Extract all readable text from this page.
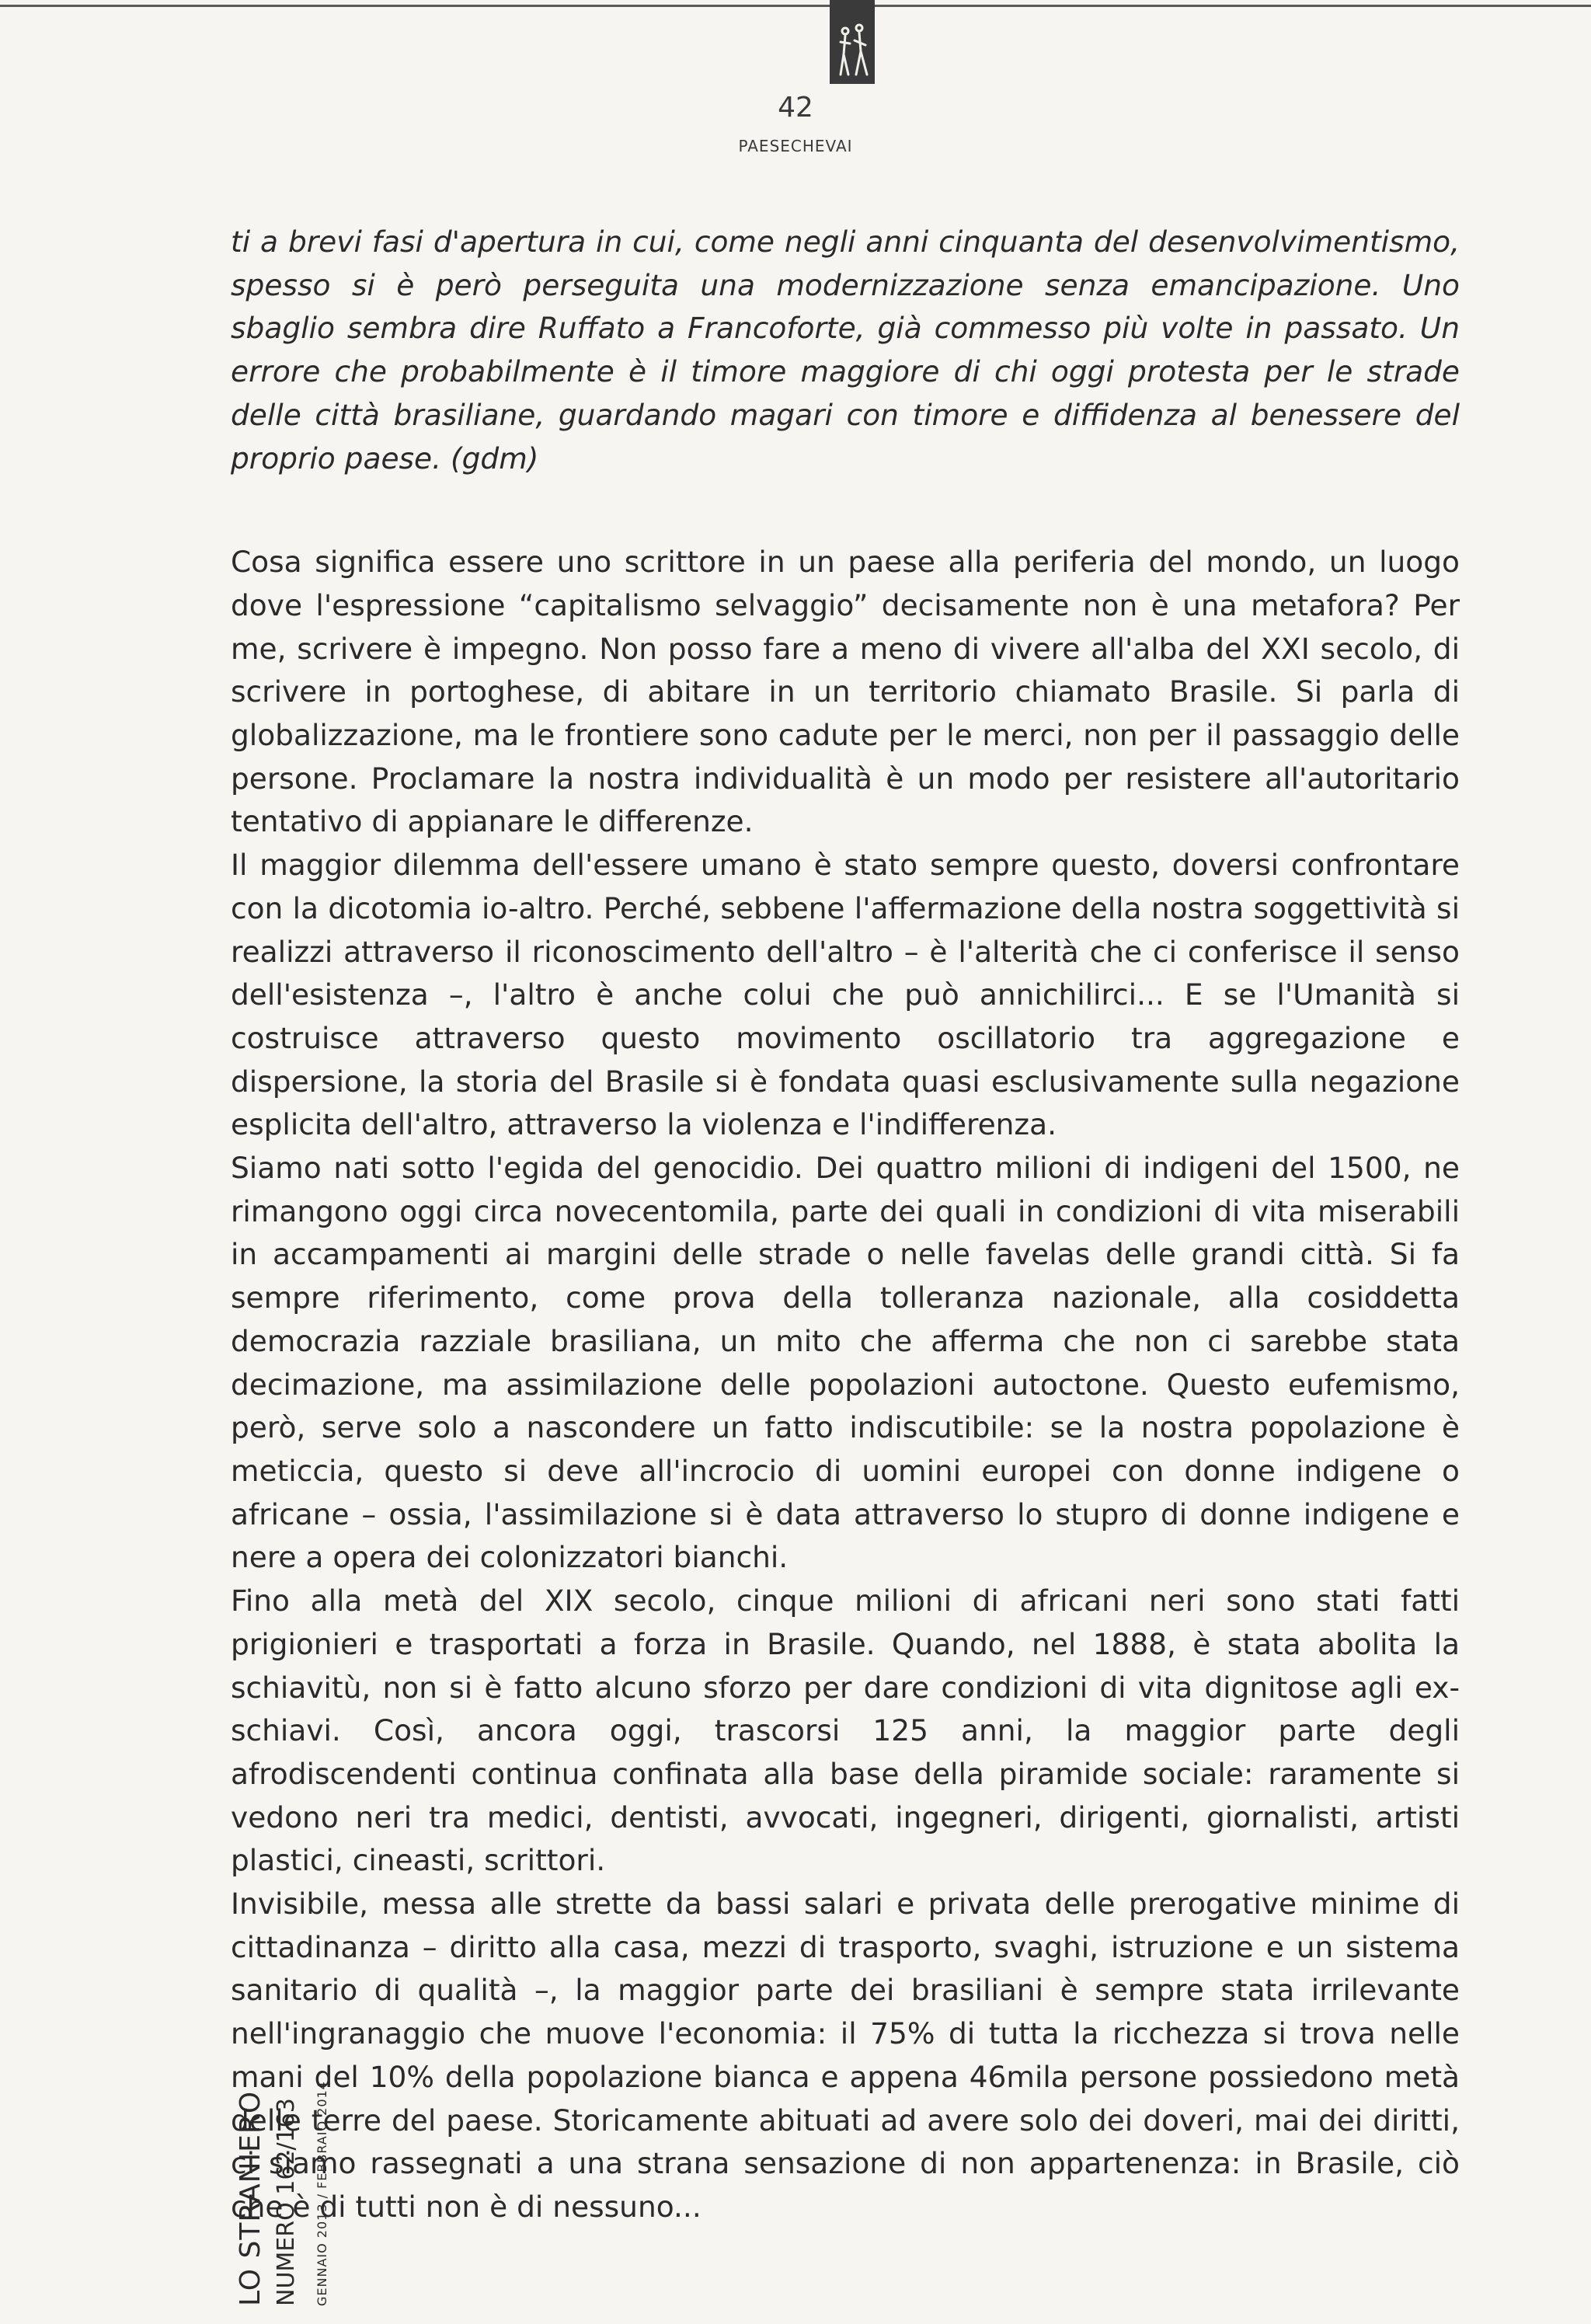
42
PAESECHEVAI

ti a brevi fasi d'apertura in cui, come negli anni cinquanta del desenvolvimentismo, spesso si è però perseguita una modernizzazione senza emancipazione. Uno sbaglio sembra dire Ruffato a Francoforte, già commesso più volte in passato. Un errore che probabilmente è il timore maggiore di chi oggi protesta per le strade delle città brasiliane, guardando magari con timore e diffidenza al benessere del proprio paese. (gdm)

Cosa significa essere uno scrittore in un paese alla periferia del mondo, un luogo dove l'espressione “capitalismo selvaggio” decisamente non è una metafora? Per me, scrivere è impegno. Non posso fare a meno di vivere all'alba del XXI secolo, di scrivere in portoghese, di abitare in un territorio chiamato Brasile. Si parla di globalizzazione, ma le frontiere sono cadute per le merci, non per il passaggio delle persone. Proclamare la nostra individualità è un modo per resistere all'autoritario tentativo di appianare le differenze.

Il maggior dilemma dell'essere umano è stato sempre questo, doversi confrontare con la dicotomia io-altro. Perché, sebbene l'affermazione della nostra soggettività si realizzi attraverso il riconoscimento dell'altro – è l'alterità che ci conferisce il senso dell'esistenza –, l'altro è anche colui che può annichilirci... E se l'Umanità si costruisce attraverso questo movimento oscillatorio tra aggregazione e dispersione, la storia del Brasile si è fondata quasi esclusivamente sulla negazione esplicita dell'altro, attraverso la violenza e l'indifferenza.

Siamo nati sotto l'egida del genocidio. Dei quattro milioni di indigeni del 1500, ne rimangono oggi circa novecentomila, parte dei quali in condizioni di vita miserabili in accampamenti ai margini delle strade o nelle favelas delle grandi città. Si fa sempre riferimento, come prova della tolleranza nazionale, alla cosiddetta democrazia razziale brasiliana, un mito che afferma che non ci sarebbe stata decimazione, ma assimilazione delle popolazioni autoctone. Questo eufemismo, però, serve solo a nascondere un fatto indiscutibile: se la nostra popolazione è meticcia, questo si deve all'incrocio di uomini europei con donne indigene o africane – ossia, l'assimilazione si è data attraverso lo stupro di donne indigene e nere a opera dei colonizzatori bianchi.

Fino alla metà del XIX secolo, cinque milioni di africani neri sono stati fatti prigionieri e trasportati a forza in Brasile. Quando, nel 1888, è stata abolita la schiavitù, non si è fatto alcuno sforzo per dare condizioni di vita dignitose agli ex-schiavi. Così, ancora oggi, trascorsi 125 anni, la maggior parte degli afrodiscendenti continua confinata alla base della piramide sociale: raramente si vedono neri tra medici, dentisti, avvocati, ingegneri, dirigenti, giornalisti, artisti plastici, cineasti, scrittori.

Invisibile, messa alle strette da bassi salari e privata delle prerogative minime di cittadinanza – diritto alla casa, mezzi di trasporto, svaghi, istruzione e un sistema sanitario di qualità –, la maggior parte dei brasiliani è sempre stata irrilevante nell'ingranaggio che muove l'economia: il 75% di tutta la ricchezza si trova nelle mani del 10% della popolazione bianca e appena 46mila persone possiedono metà delle terre del paese. Storicamente abituati ad avere solo dei doveri, mai dei diritti, ci siamo rassegnati a una strana sensazione di non appartenenza: in Brasile, ciò che è di tutti non è di nessuno...

LO STRANIERO NUMERO 162/163	GENNAIO 2013 / FEBBRAIO 2014
